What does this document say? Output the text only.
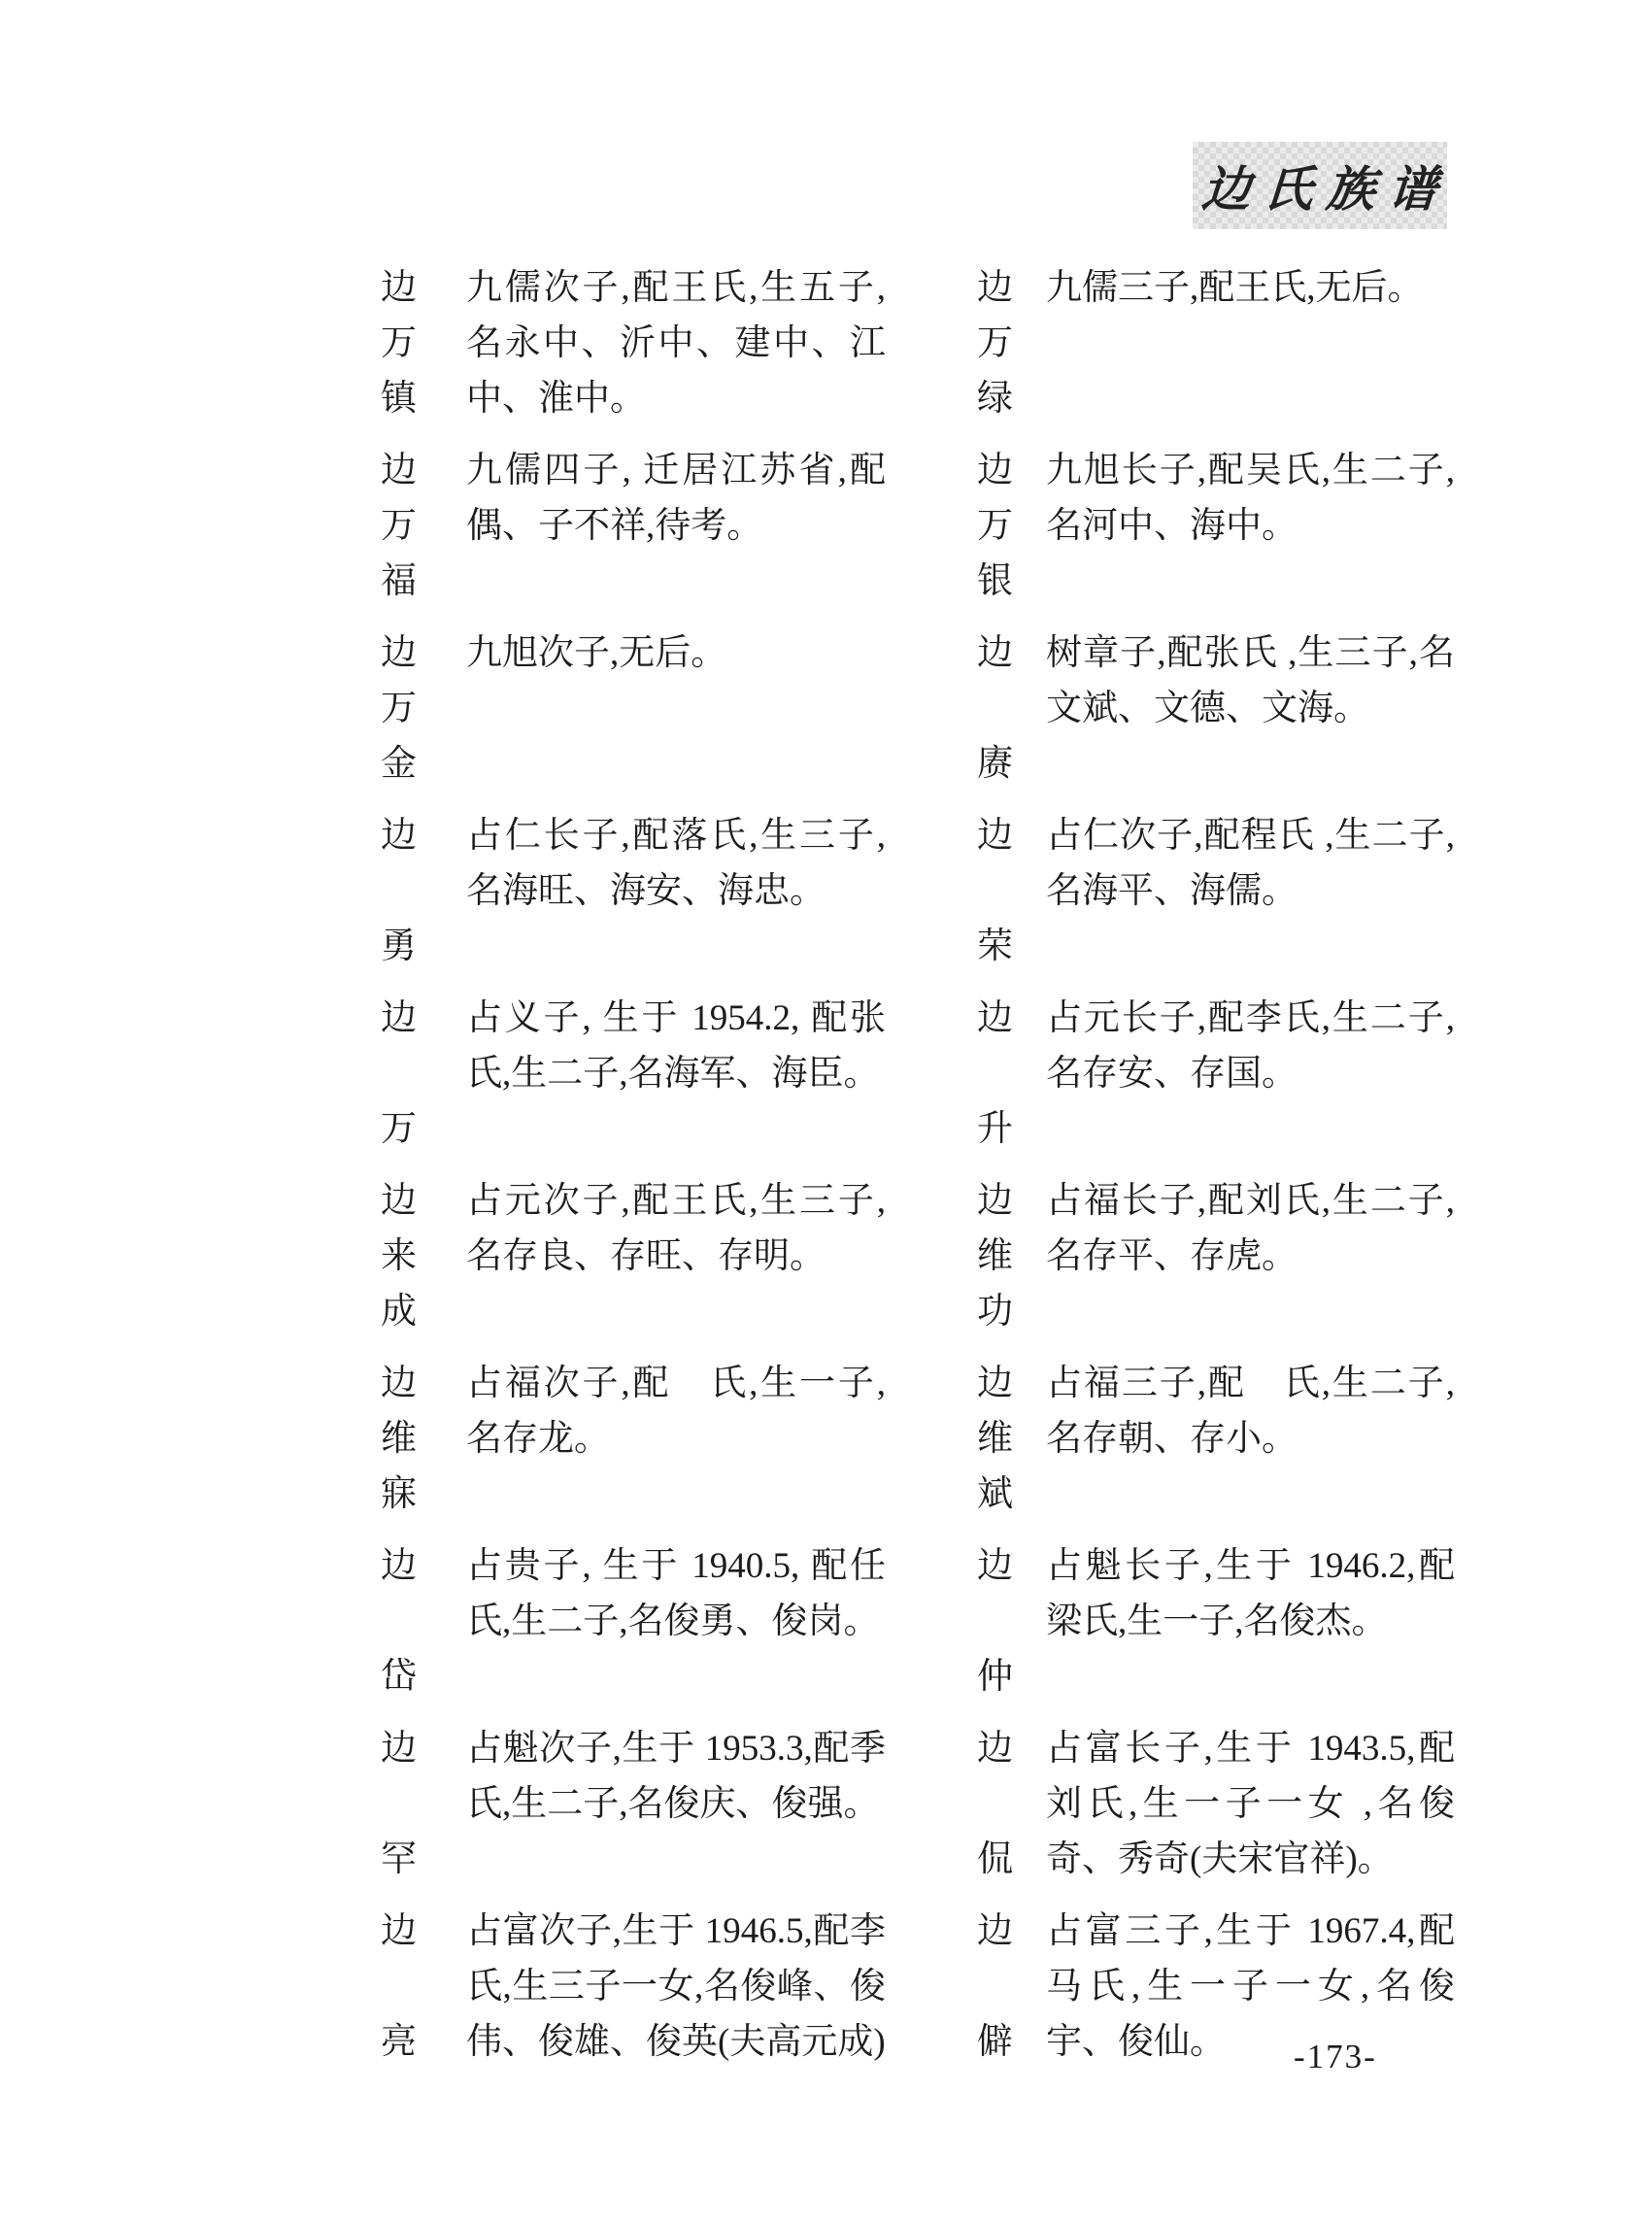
边氏族谱
边
万
镇
九儒次子,配王氏,生五子,名永中、沂中、建中、江中、淮中。
边
万
福
九儒四子, 迁居江苏省,配偶、子不祥,待考。
边
万
金
九旭次子,无后。
边
勇
占仁长子,配落氏,生三子,名海旺、海安、海忠。
边
万
占义子, 生于 1954.2, 配张氏,生二子,名海军、海臣。
边
来
成
占元次子,配王氏,生三子,名存良、存旺、存明。
边
维
寐
占福次子,配　氏,生一子,名存龙。
边
岱
占贵子, 生于 1940.5, 配任氏,生二子,名俊勇、俊岗。
边
罕
占魁次子,生于 1953.3,配季氏,生二子,名俊庆、俊强。
边
亮
占富次子,生于 1946.5,配李氏,生三子一女,名俊峰、俊伟、俊雄、俊英(夫高元成)
边
万
绿
九儒三子,配王氏,无后。
边
万
银
九旭长子,配吴氏,生二子,名河中、海中。
边
赓
树章子,配张氏 ,生三子,名文斌、文德、文海。
边
荣
占仁次子,配程氏 ,生二子,名海平、海儒。
边
升
占元长子,配李氏,生二子,名存安、存国。
边
维
功
占福长子,配刘氏,生二子,名存平、存虎。
边
维
斌
占福三子,配　氏,生二子,名存朝、存小。
边
仲
占魁长子,生于 1946.2,配梁氏,生一子,名俊杰。
边
侃
占富长子,生于 1943.5,配刘氏,生一子一女 ,名俊奇、秀奇(夫宋官祥)。
边
僻
占富三子,生于 1967.4,配马氏,生一子一女,名俊宇、俊仙。	-173-
